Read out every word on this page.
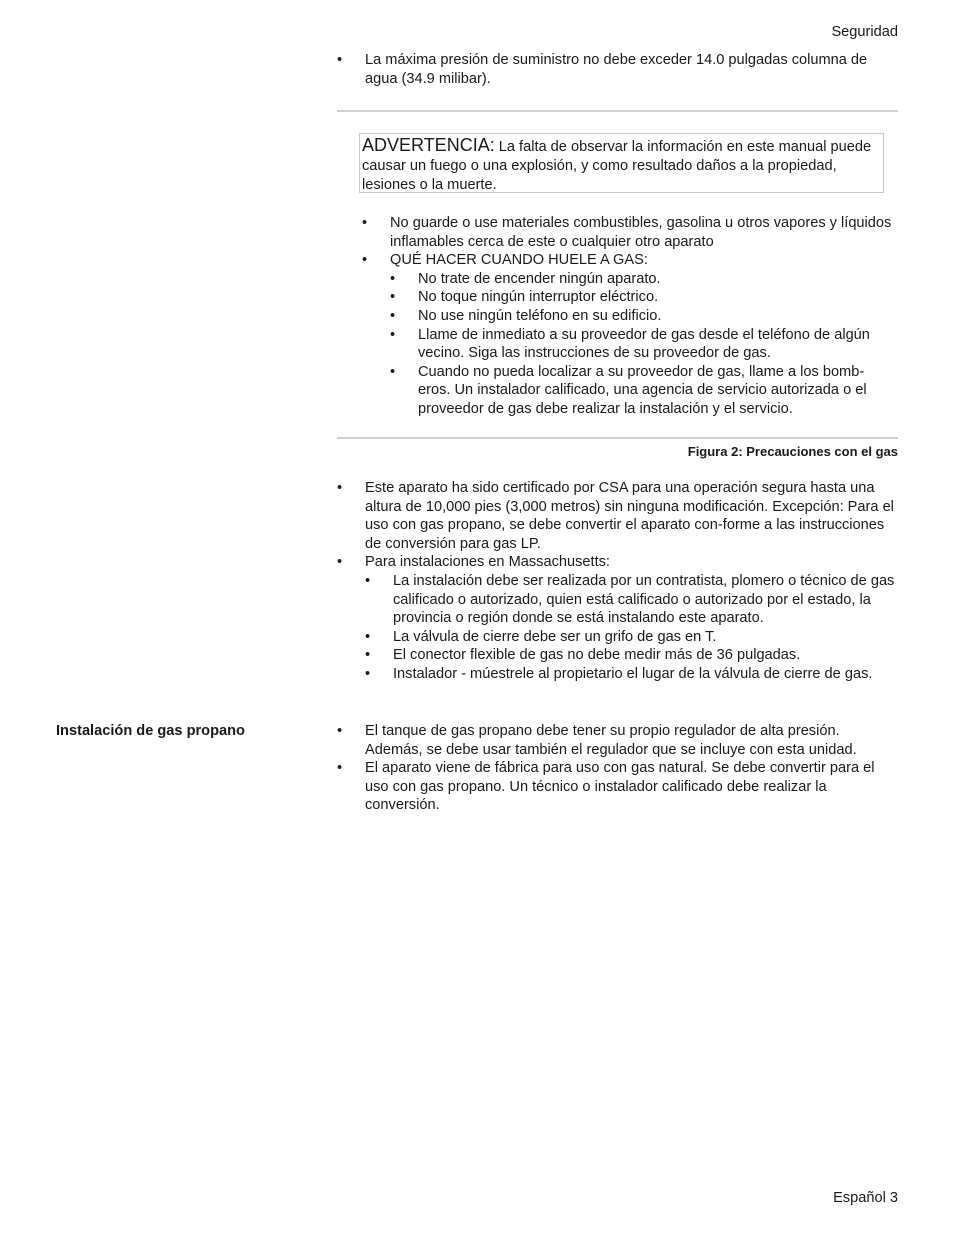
Seguridad
• La máxima presión de suministro no debe exceder 14.0 pulgadas columna de agua (34.9 milibar).
ADVERTENCIA: La falta de observar la información en este manual puede causar un fuego o una explosión, y como resultado daños a la propiedad, lesiones o la muerte.
• No guarde o use materiales combustibles, gasolina u otros vapores y líquidos inflamables cerca de este o cualquier otro aparato
• QUÉ HACER CUANDO HUELE A GAS:
• No trate de encender ningún aparato.
• No toque ningún interruptor eléctrico.
• No use ningún teléfono en su edificio.
• Llame de inmediato a su proveedor de gas desde el teléfono de algún vecino. Siga las instrucciones de su proveedor de gas.
• Cuando no pueda localizar a su proveedor de gas, llame a los bomb-eros. Un instalador calificado, una agencia de servicio autorizada o el proveedor de gas debe realizar la instalación y el servicio.
Figura 2: Precauciones con el gas
• Este aparato ha sido certificado por CSA para una operación segura hasta una altura de 10,000 pies (3,000 metros) sin ninguna modificación. Excepción: Para el uso con gas propano, se debe convertir el aparato con-forme a las instrucciones de conversión para gas LP.
• Para instalaciones en Massachusetts:
• La instalación debe ser realizada por un contratista, plomero o técnico de gas calificado o autorizado, quien está calificado o autorizado por el estado, la provincia o región donde se está instalando este aparato.
• La válvula de cierre debe ser un grifo de gas en T.
• El conector flexible de gas no debe medir más de 36 pulgadas.
• Instalador - múestrele al propietario el lugar de la válvula de cierre de gas.
Instalación de gas propano	• El tanque de gas propano debe tener su propio regulador de alta presión. Además, se debe usar también el regulador que se incluye con esta unidad.
• El aparato viene de fábrica para uso con gas natural. Se debe convertir para el uso con gas propano. Un técnico o instalador calificado debe realizar la conversión.
Español 3
